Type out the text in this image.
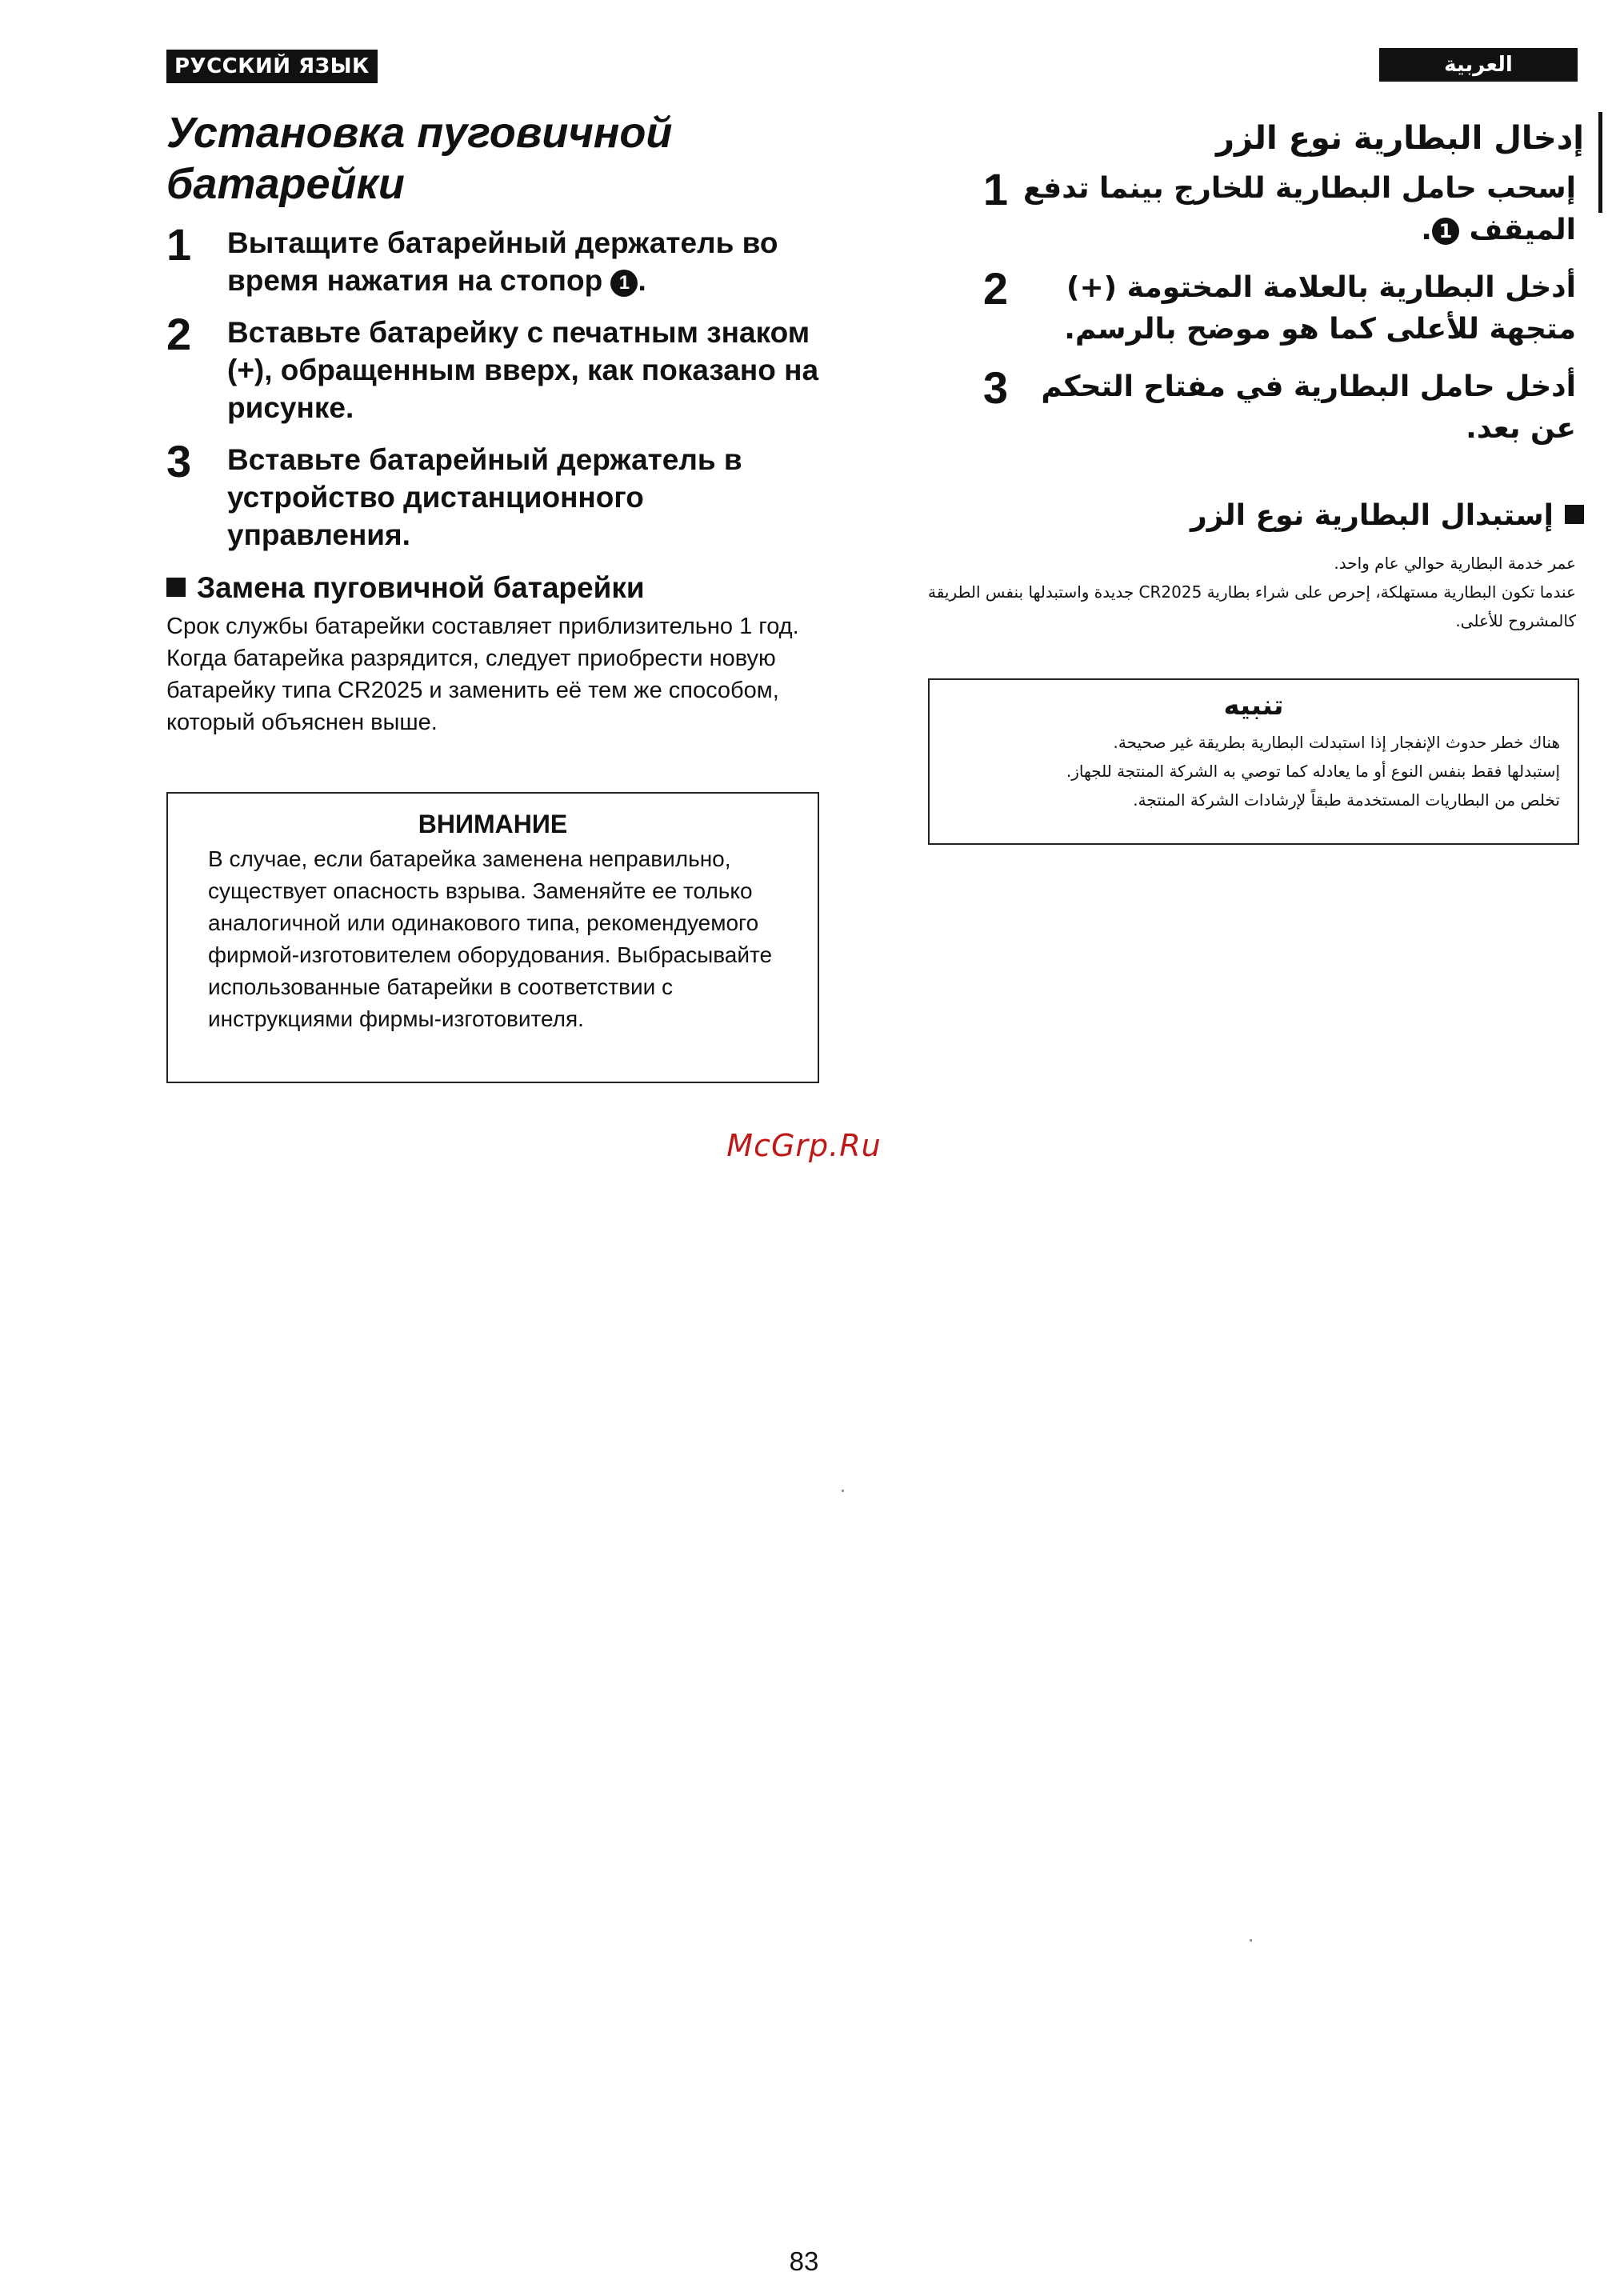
РУССКИЙ ЯЗЫК
Установка пуговичной батарейки
1	Вытащите батарейный держатель во время нажатия на стопор 1 .
2	Вставьте батарейку с печатным знаком (+), обращенным вверх, как показано на рисунке.
3	Вставьте батарейный держатель в устройство дистанционного управления.
Замена пуговичной батарейки

Срок службы батарейки составляет приблизительно 1 год.

Когда батарейка разрядится, следует приобрести новую батарейку типа CR2025 и заменить её тем же способом, который объяснен выше.

ВНИМАНИЕ
В случае, если батарейка заменена неправильно, существует опасность взрыва. Заменяйте ее только аналогичной или одинакового типа, рекомендуемого фирмой-изготовителем оборудования. Выбрасывайте использованные батарейки в соответствии с инструкциями фирмы-изготовителя.
McGrp.Ru
العربية
إدخال البطارية نوع الزر
1 إسحب حامل البطارية للخارج بينما تدفع الميقف 1.
2	أدخل البطارية بالعلامة المختومة (+) متجهة للأعلى كما هو موضح بالرسم.
3	أدخل حامل البطارية في مفتاح التحكم عن بعد.
إستبدال البطارية نوع الزر

عمر خدمة البطارية حوالي عام واحد.

عندما تكون البطارية مستهلكة، إحرص على شراء بطارية CR2025 جديدة واستبدلها بنفس الطريقة كالمشروح للأعلى.

تنبيه
هناك خطر حدوث الإنفجار إذا استبدلت البطارية بطريقة غير صحيحة.
إستبدلها فقط بنفس النوع أو ما يعادله كما توصي به الشركة المنتجة للجهاز.
تخلص من البطاريات المستخدمة طبقاً لإرشادات الشركة المنتجة.
83
